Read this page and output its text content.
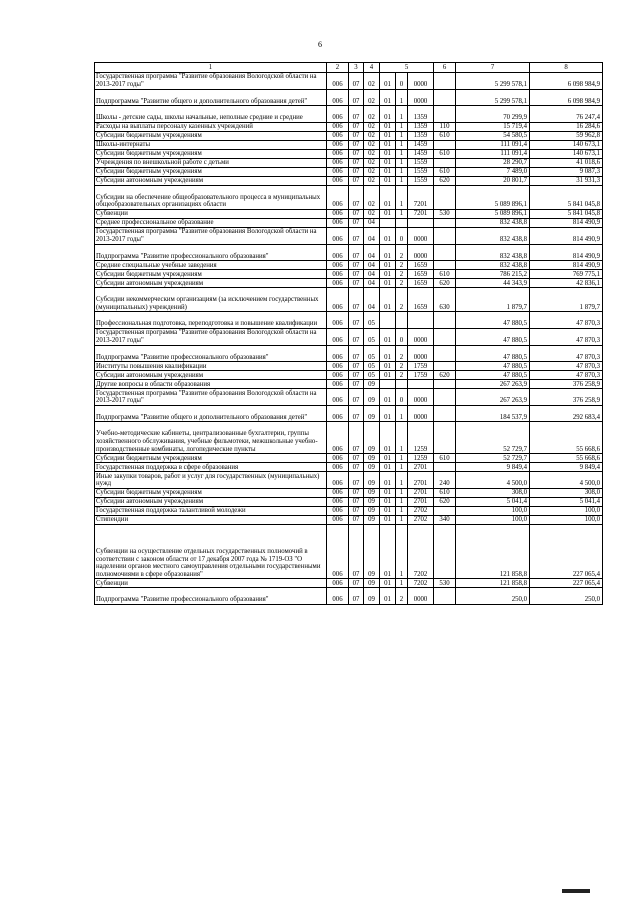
6
1	2	3	4	5			6	7	8
Государственная программа "Развитие образования Вологодской области на 2013-2017 годы"	006	07	02	01	0	0000		5 299 578,1	6 098 984,9
Подпрограмма "Развитие общего и дополнительного образования детей"	006	07	02	01	1	0000		5 299 578,1	6 098 984,9
Школы - детские сады, школы начальные, неполные средние и средние	006	07	02	01	1	1359		70 299,9	76 247,4
Расходы на выплаты персоналу казенных учреждений	006	07	02	01	1	1359	110	15 719,4	16 284,6
Субсидии бюджетным учреждениям	006	07	02	01	1	1359	610	54 580,5	59 962,8
Школы-интернаты	006	07	02	01	1	1459		111 091,4	140 673,1
Субсидии бюджетным учреждениям	006	07	02	01	1	1459	610	111 091,4	140 673,1
Учреждения по внешкольной работе с детьми	006	07	02	01	1	1559		28 290,7	41 018,6
Субсидии бюджетным учреждениям	006	07	02	01	1	1559	610	7 489,0	9 087,3
Субсидии автономным учреждениям	006	07	02	01	1	1559	620	20 801,7	31 931,3
Субсидии на обеспечение общеобразовательного процесса в муниципальных общеобразовательных организациях области	006	07	02	01	1	7201		5 089 896,1	5 841 045,8
Субвенции	006	07	02	01	1	7201	530	5 089 896,1	5 841 045,8
Среднее профессиональное образование	006	07	04					832 438,8	814 490,9
Государственная программа "Развитие образования Вологодской области на 2013-2017 годы"	006	07	04	01	0	0000		832 438,8	814 490,9
Подпрограмма "Развитие профессионального образования"	006	07	04	01	2	0000		832 438,8	814 490,9
Средние специальные учебные заведения	006	07	04	01	2	1659		832 438,8	814 490,9
Субсидии бюджетным учреждениям	006	07	04	01	2	1659	610	786 215,2	769 775,1
Субсидии автономным учреждениям	006	07	04	01	2	1659	620	44 343,9	42 836,1
Субсидии некоммерческим организациям (за исключением государственных (муниципальных) учреждений)	006	07	04	01	2	1659	630	1 879,7	1 879,7
Профессиональная подготовка, переподготовка и повышение квалификации	006	07	05					47 880,5	47 870,3
Государственная программа "Развитие образования Вологодской области на 2013-2017 годы"	006	07	05	01	0	0000		47 880,5	47 870,3
Подпрограмма "Развитие профессионального образования"	006	07	05	01	2	0000		47 880,5	47 870,3
Институты повышения квалификации	006	07	05	01	2	1759		47 880,5	47 870,3
Субсидии автономным учреждениям	006	07	05	01	2	1759	620	47 880,5	47 870,3
Другие вопросы в области образования	006	07	09					267 263,9	376 258,9
Государственная программа "Развитие образования Вологодской области на 2013-2017 годы"	006	07	09	01	0	0000		267 263,9	376 258,9
Подпрограмма "Развитие общего и дополнительного образования детей"	006	07	09	01	1	0000		184 537,9	292 683,4
Учебно-методические кабинеты, централизованные бухгалтерии, группы хозяйственного обслуживания, учебные фильмотеки, межшкольные учебно-производственные комбинаты, логопедические пункты	006	07	09	01	1	1259		52 729,7	55 668,6
Субсидии бюджетным учреждениям	006	07	09	01	1	1259	610	52 729,7	55 668,6
Государственная поддержка в сфере образования	006	07	09	01	1	2701		9 849,4	9 849,4
Иные закупки товаров, работ и услуг для государственных (муниципальных) нужд	006	07	09	01	1	2701	240	4 500,0	4 500,0
Субсидии бюджетным учреждениям	006	07	09	01	1	2701	610	308,0	308,0
Субсидии автономным учреждениям	006	07	09	01	1	2701	620	5 041,4	5 041,4
Государственная поддержка талантливой молодежи	006	07	09	01	1	2702		100,0	100,0
Стипендии	006	07	09	01	1	2702	340	100,0	100,0
Субвенции на осуществление отдельных государственных полномочий в соответствии с законом области от 17 декабря 2007 года № 1719-ОЗ "О наделении органов местного самоуправления отдельными государственными полномочиями в сфере образования"	006	07	09	01	1	7202		121 858,8	227 065,4
Субвенции	006	07	09	01	1	7202	530	121 858,8	227 065,4
Подпрограмма "Развитие профессионального образования"	006	07	09	01	2	0000		250,0	250,0
